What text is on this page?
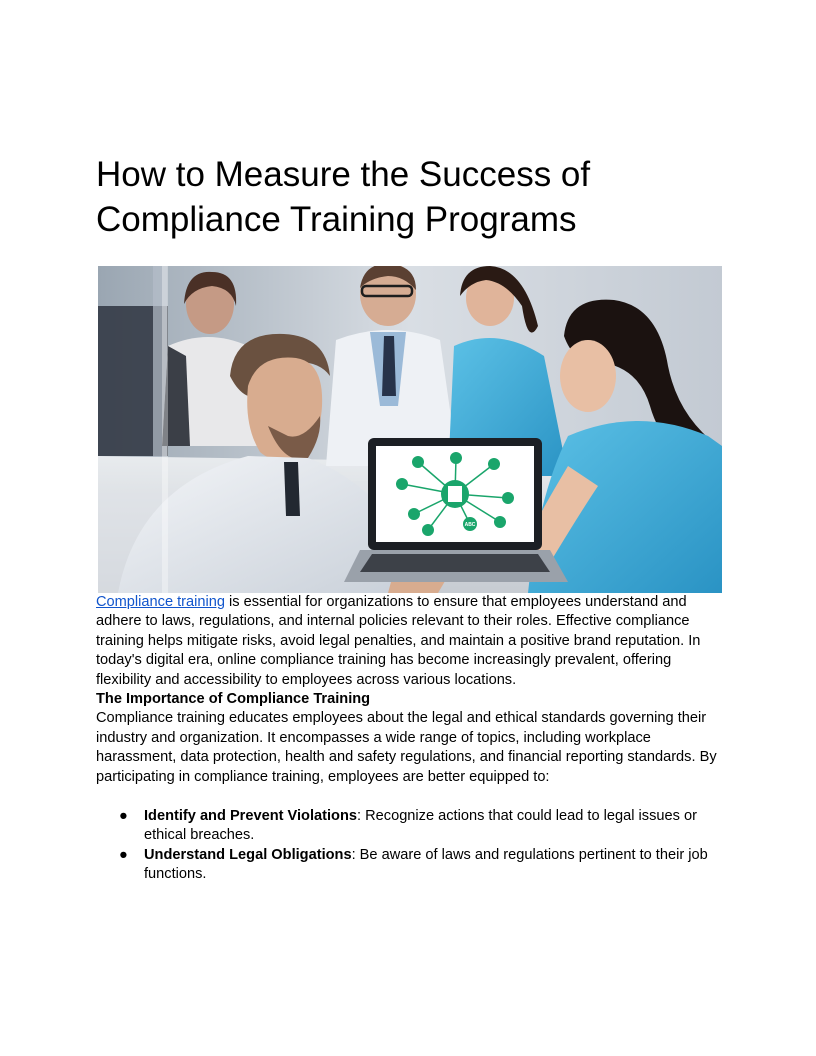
How to Measure the Success of
Compliance Training Programs
ABC

Compliance training is essential for organizations to ensure that employees understand and adhere to laws, regulations, and internal policies relevant to their roles. Effective compliance training helps mitigate risks, avoid legal penalties, and maintain a positive brand reputation. In today's digital era, online compliance training has become increasingly prevalent, offering flexibility and accessibility to employees across various locations.

The Importance of Compliance Training

Compliance training educates employees about the legal and ethical standards governing their industry and organization. It encompasses a wide range of topics, including workplace harassment, data protection, health and safety regulations, and financial reporting standards. By participating in compliance training, employees are better equipped to:

● Identify and Prevent Violations: Recognize actions that could lead to legal issues or ethical breaches.
● Understand Legal Obligations: Be aware of laws and regulations pertinent to their job functions.
